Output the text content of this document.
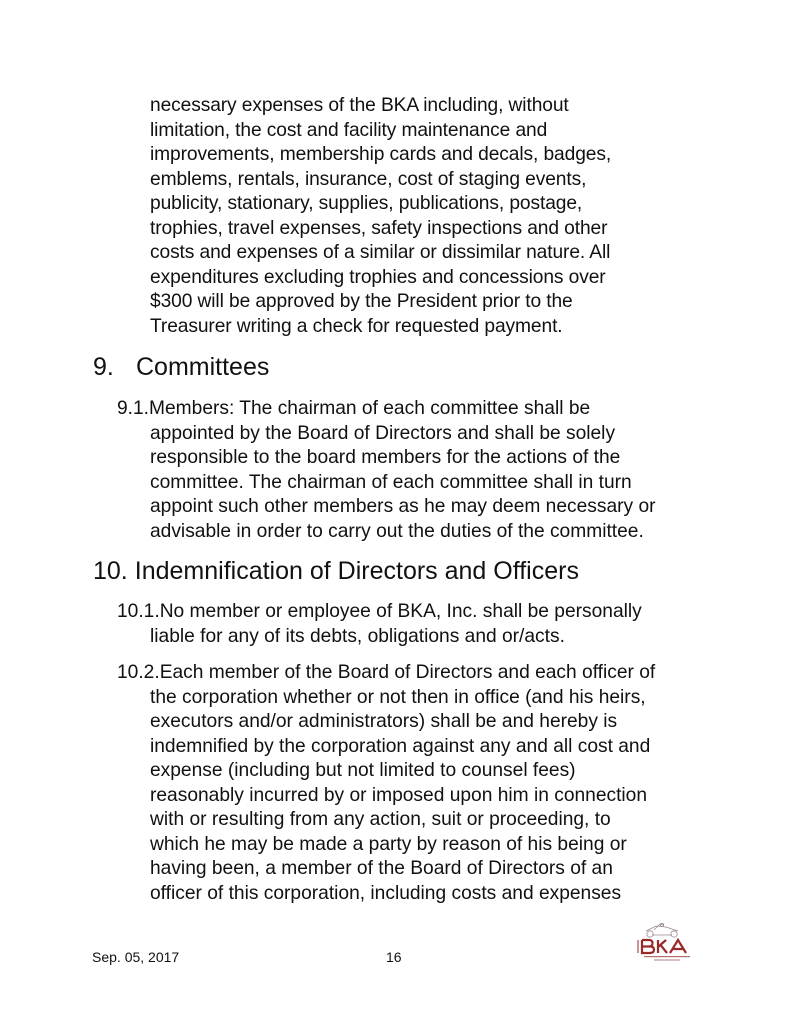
necessary expenses of the BKA including, without
limitation, the cost and facility maintenance and
improvements, membership cards and decals, badges,
emblems, rentals, insurance, cost of staging events,
publicity, stationary, supplies, publications, postage,
trophies, travel expenses, safety inspections and other
costs and expenses of a similar or dissimilar nature. All
expenditures excluding trophies and concessions over
$300 will be approved by the President prior to the
Treasurer writing a check for requested payment.
9. Committees
9.1.Members: The chairman of each committee shall be
appointed by the Board of Directors and shall be solely
responsible to the board members for the actions of the
committee. The chairman of each committee shall in turn
appoint such other members as he may deem necessary or
advisable in order to carry out the duties of the committee.
10. Indemnification of Directors and Officers
10.1.No member or employee of BKA, Inc. shall be personally
liable for any of its debts, obligations and or/acts.
10.2.Each member of the Board of Directors and each officer of
the corporation whether or not then in office (and his heirs,
executors and/or administrators) shall be and hereby is
indemnified by the corporation against any and all cost and
expense (including but not limited to counsel fees)
reasonably incurred by or imposed upon him in connection
with or resulting from any action, suit or proceeding, to
which he may be made a party by reason of his being or
having been, a member of the Board of Directors of an
officer of this corporation, including costs and expenses
Sep. 05, 2017	16
